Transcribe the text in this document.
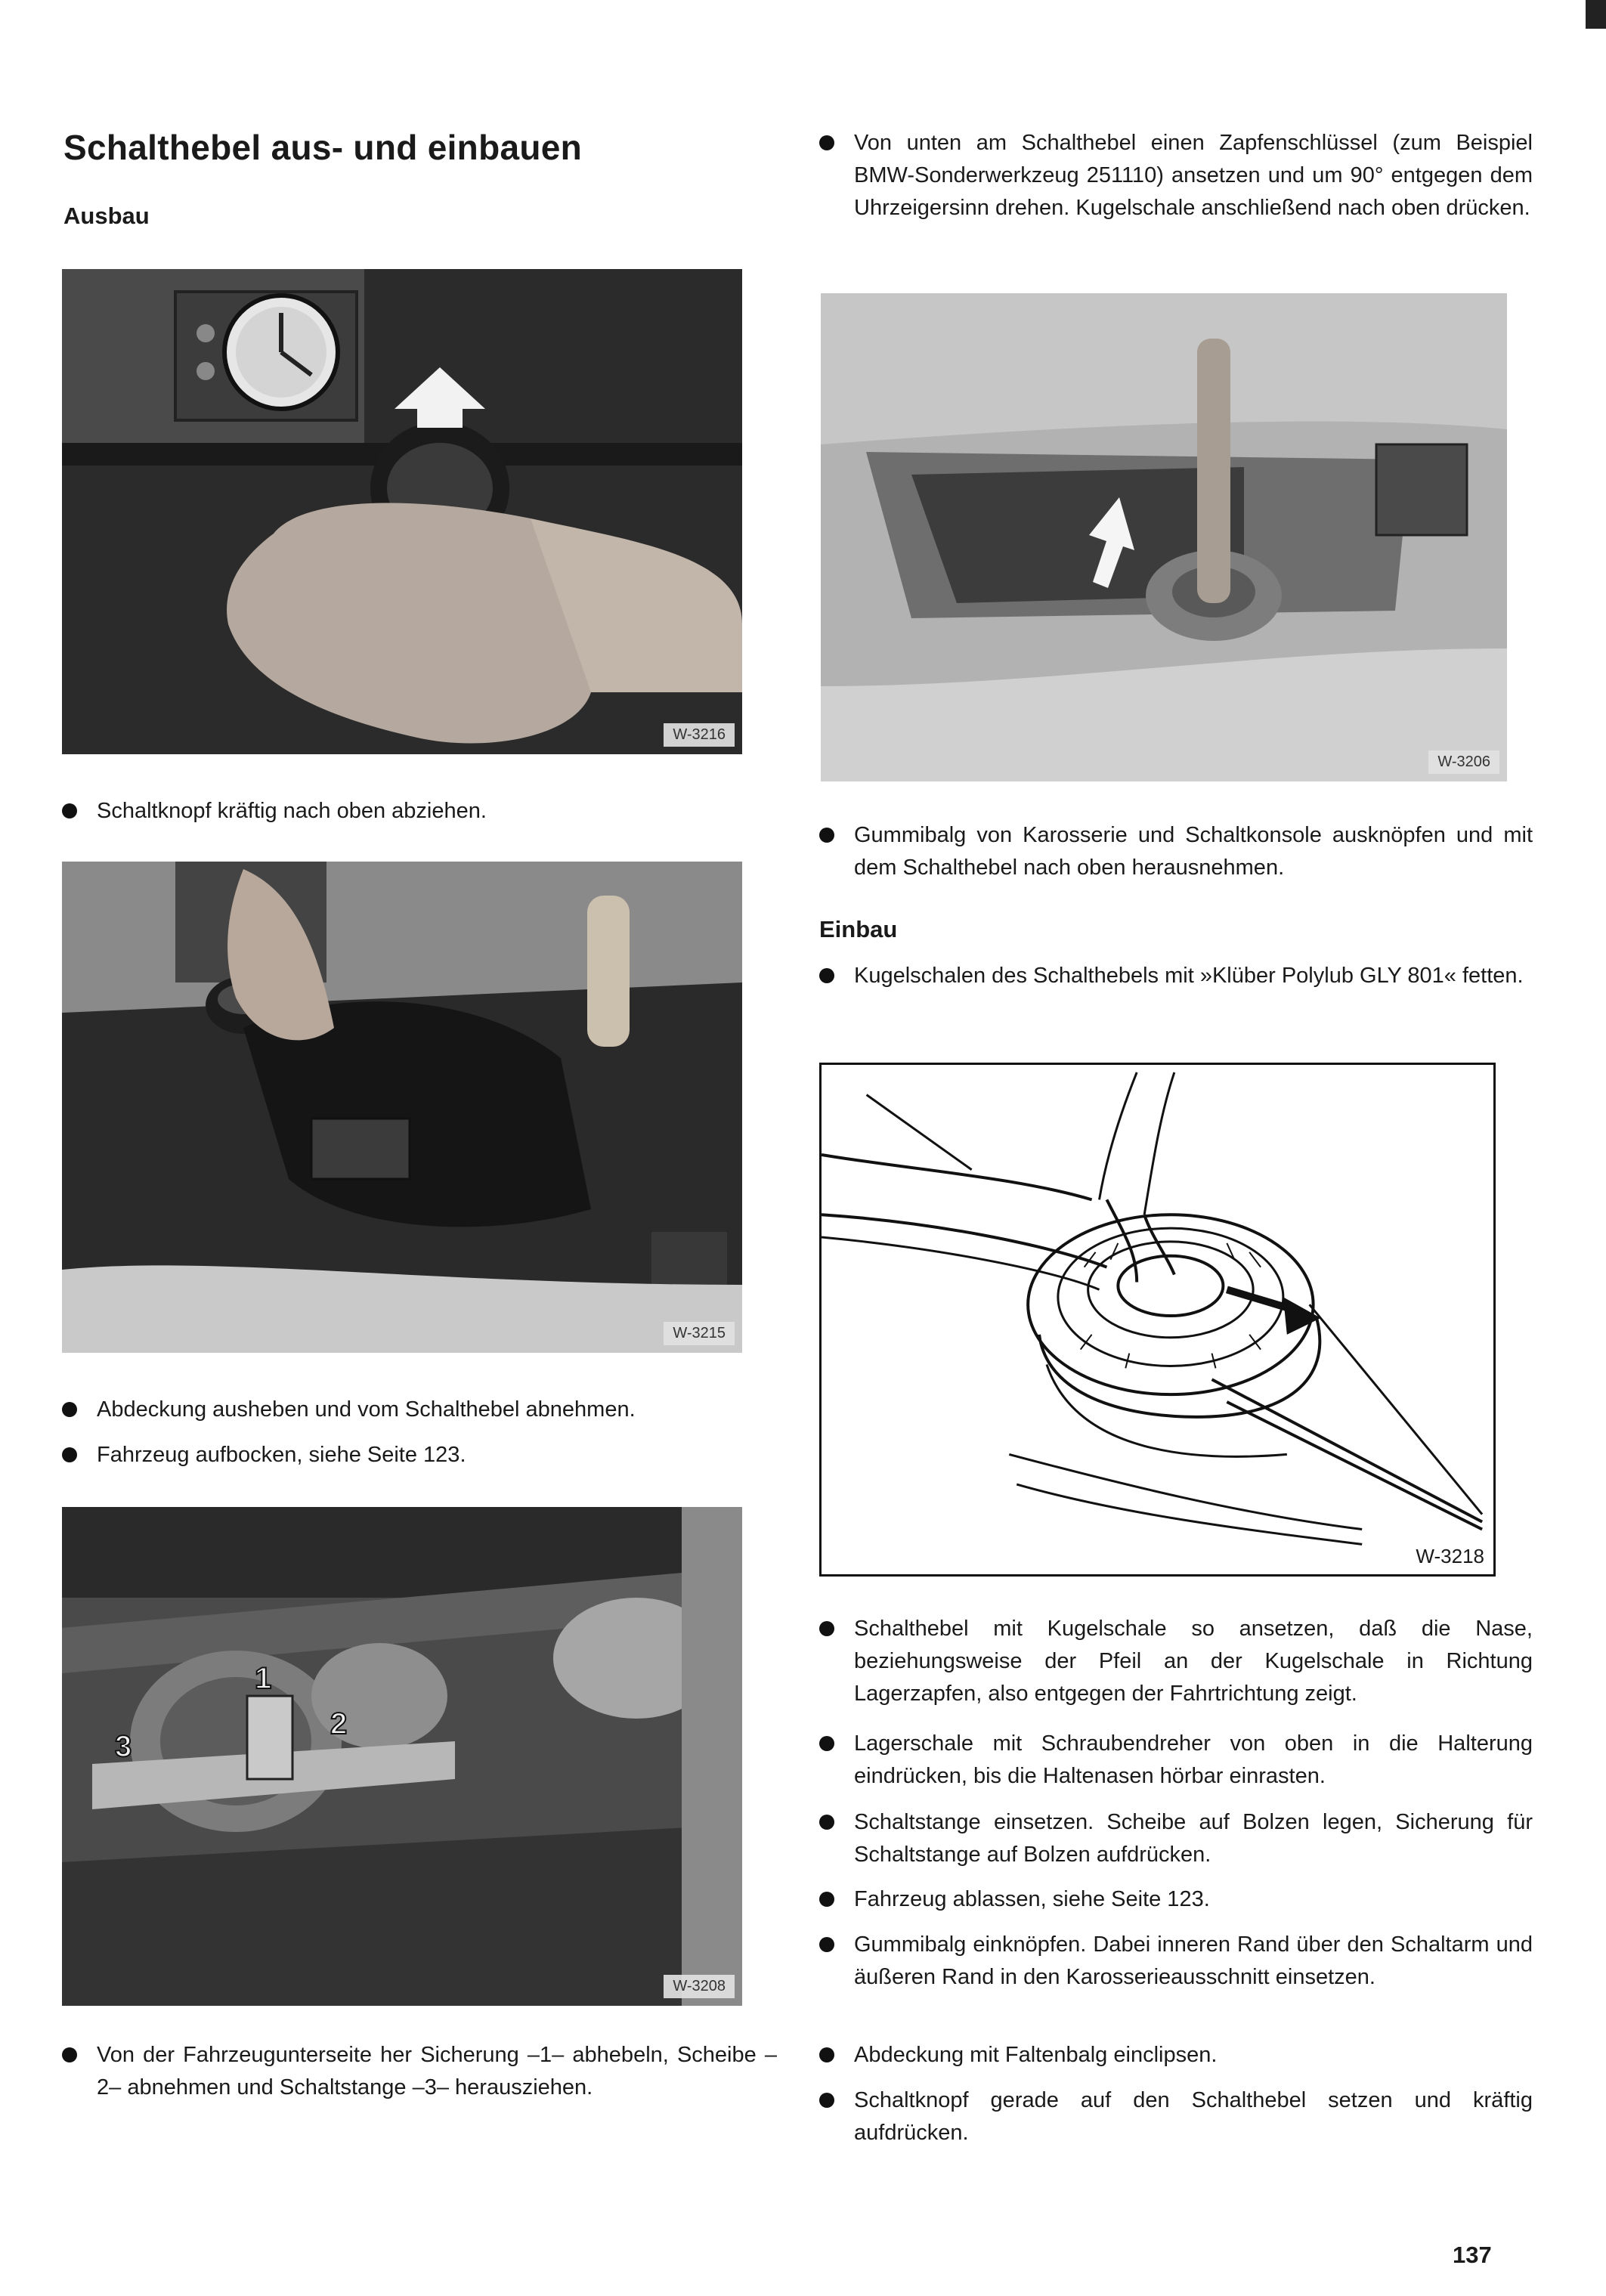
Schalthebel aus- und einbauen
Ausbau
W-3216

Schaltknopf kräftig nach oben abziehen.

W-3215

Abdeckung ausheben und vom Schalthebel abnehmen.

Fahrzeug aufbocken, siehe Seite 123.

1
2
3
W-3208

Von der Fahrzeugunterseite her Sicherung –1– abhebeln, Scheibe –2– abnehmen und Schaltstange –3– herausziehen.

Von unten am Schalthebel einen Zapfenschlüssel (zum Beispiel BMW-Sonderwerkzeug 251110) ansetzen und um 90° entgegen dem Uhrzeigersinn drehen. Kugelschale anschließend nach oben drücken.

W-3206

Gummibalg von Karosserie und Schaltkonsole ausknöpfen und mit dem Schalthebel nach oben herausnehmen.

Einbau

Kugelschalen des Schalthebels mit »Klüber Polylub GLY 801« fetten.

W-3218

Schalthebel mit Kugelschale so ansetzen, daß die Nase, beziehungsweise der Pfeil an der Kugelschale in Richtung Lagerzapfen, also entgegen der Fahrtrichtung zeigt.

Lagerschale mit Schraubendreher von oben in die Halterung eindrücken, bis die Haltenasen hörbar einrasten.

Schaltstange einsetzen. Scheibe auf Bolzen legen, Sicherung für Schaltstange auf Bolzen aufdrücken.

Fahrzeug ablassen, siehe Seite 123.

Gummibalg einknöpfen. Dabei inneren Rand über den Schaltarm und äußeren Rand in den Karosserieausschnitt einsetzen.

Abdeckung mit Faltenbalg einclipsen.

Schaltknopf gerade auf den Schalthebel setzen und kräftig aufdrücken.

137
